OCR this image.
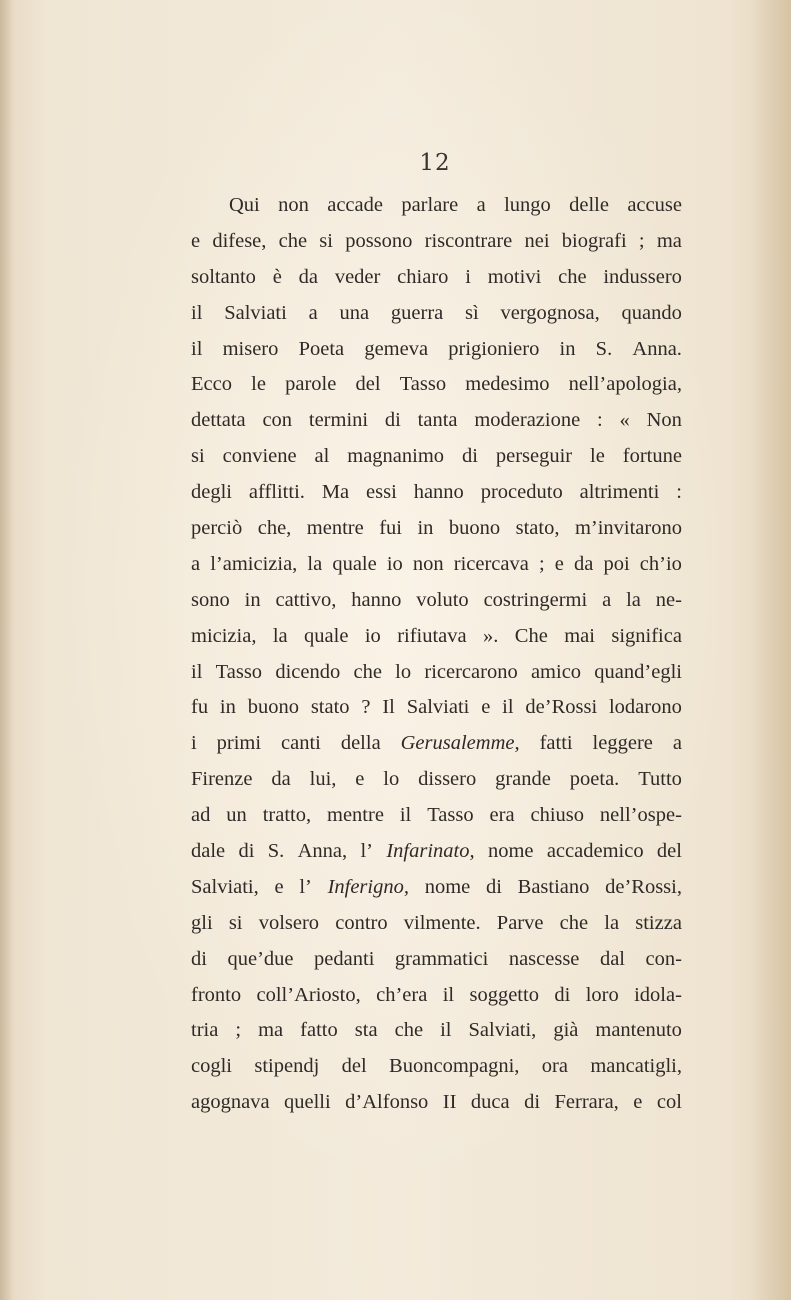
12
Qui non accade parlare a lungo delle accuse
e difese, che si possono riscontrare nei biografi ; ma
soltanto è da veder chiaro i motivi che indussero
il Salviati a una guerra sì vergognosa, quando
il misero Poeta gemeva prigioniero in S. Anna.
Ecco le parole del Tasso medesimo nell’apologia,
dettata con termini di tanta moderazione : « Non
si conviene al magnanimo di perseguir le fortune
degli afflitti. Ma essi hanno proceduto altrimenti :
perciò che, mentre fui in buono stato, m’invitarono
a l’amicizia, la quale io non ricercava ; e da poi ch’io
sono in cattivo, hanno voluto costringermi a la ne-
micizia, la quale io rifiutava ». Che mai significa
il Tasso dicendo che lo ricercarono amico quand’egli
fu in buono stato ? Il Salviati e il de’Rossi lodarono
i primi canti della Gerusalemme, fatti leggere a
Firenze da lui, e lo dissero grande poeta. Tutto
ad un tratto, mentre il Tasso era chiuso nell’ospe-
dale di S. Anna, l’ Infarinato, nome accademico del
Salviati, e l’ Inferigno, nome di Bastiano de’Rossi,
gli si volsero contro vilmente. Parve che la stizza
di que’due pedanti grammatici nascesse dal con-
fronto coll’Ariosto, ch’era il soggetto di loro idola-
tria ; ma fatto sta che il Salviati, già mantenuto
cogli stipendj del Buoncompagni, ora mancatigli,
agognava quelli d’Alfonso II duca di Ferrara, e col
